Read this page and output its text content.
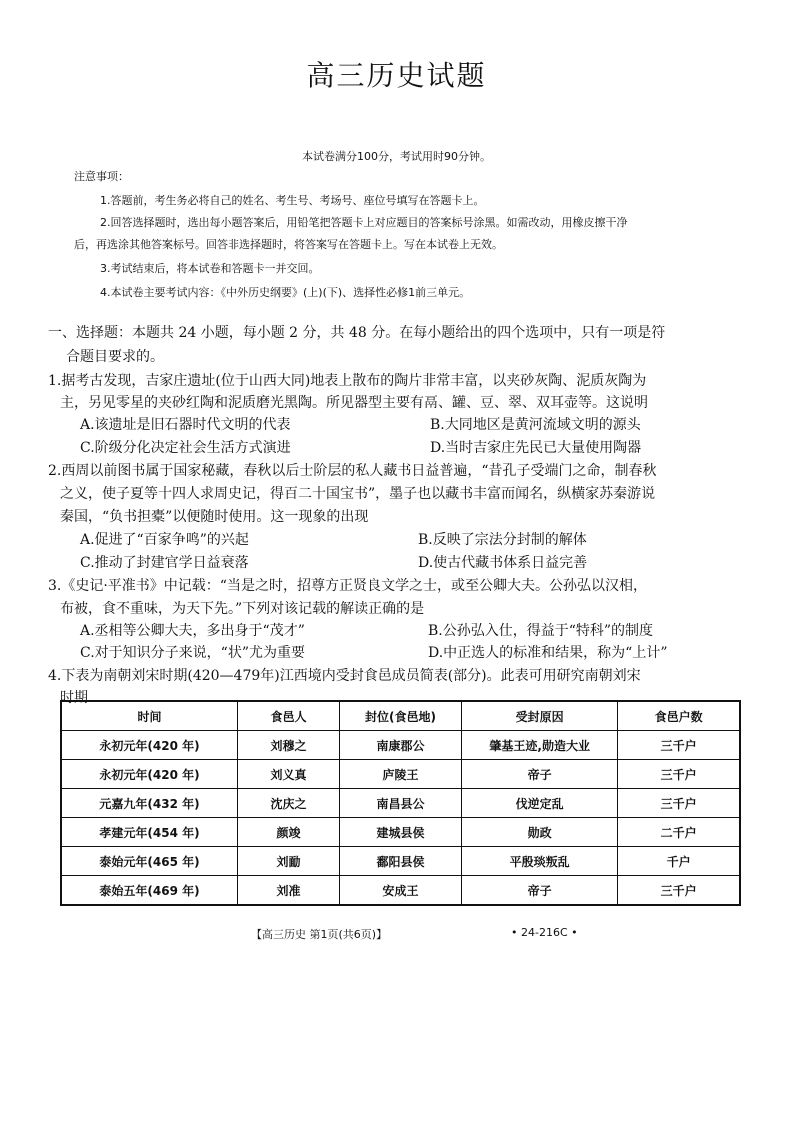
高三历史试题
本试卷满分100分，考试用时90分钟。
注意事项：
1.答题前，考生务必将自己的姓名、考生号、考场号、座位号填写在答题卡上。
2.回答选择题时，选出每小题答案后，用铅笔把答题卡上对应题目的答案标号涂黑。如需改动，用橡皮擦干净
后，再选涂其他答案标号。回答非选择题时，将答案写在答题卡上。写在本试卷上无效。
3.考试结束后，将本试卷和答题卡一并交回。
4.本试卷主要考试内容：《中外历史纲要》(上)(下)、选择性必修1前三单元。
一、选择题：本题共 24 小题，每小题 2 分，共 48 分。在每小题给出的四个选项中，只有一项是符
合题目要求的。
1.据考古发现，吉家庄遗址(位于山西大同)地表上散布的陶片非常丰富，以夹砂灰陶、泥质灰陶为
主，另见零星的夹砂红陶和泥质磨光黑陶。所见器型主要有鬲、罐、豆、翠、双耳壶等。这说明
A.该遗址是旧石器时代文明的代表	B.大同地区是黄河流域文明的源头
C.阶级分化决定社会生活方式演进	D.当时吉家庄先民已大量使用陶器
2.西周以前图书属于国家秘藏，春秋以后士阶层的私人藏书日益普遍，“昔孔子受端门之命，制春秋
之义，使子夏等十四人求周史记，得百二十国宝书”，墨子也以藏书丰富而闻名，纵横家苏秦游说
秦国，“负书担橐”以便随时使用。这一现象的出现
A.促进了“百家争鸣”的兴起	B.反映了宗法分封制的解体
C.推动了封建官学日益衰落	D.使古代藏书体系日益完善
3.《史记·平准书》中记载：“当是之时，招尊方正贤良文学之士，或至公卿大夫。公孙弘以汉相，
布被，食不重味，为天下先。”下列对该记载的解读正确的是
A.丞相等公卿大夫，多出身于“茂才”	B.公孙弘入仕，得益于“特科”的制度
C.对于知识分子来说，“状”尤为重要	D.中正选人的标准和结果，称为“上计”
4.下表为南朝刘宋时期(420—479年)江西境内受封食邑成员简表(部分)。此表可用研究南朝刘宋
时期
时间	食邑人	封位(食邑地)	受封原因	食邑户数
永初元年(420 年)	刘穆之	南康郡公	肇基王迹,勋造大业	三千户
永初元年(420 年)	刘义真	庐陵王	帝子	三千户
元嘉九年(432 年)	沈庆之	南昌县公	伐逆定乱	三千户
孝建元年(454 年)	颜竣	建城县侯	勋政	二千户
泰始元年(465 年)	刘勔	鄱阳县侯	平殷琰叛乱	千户
泰始五年(469 年)	刘准	安成王	帝子	三千户
【高三历史 第1页(共6页)】	• 24-216C •
